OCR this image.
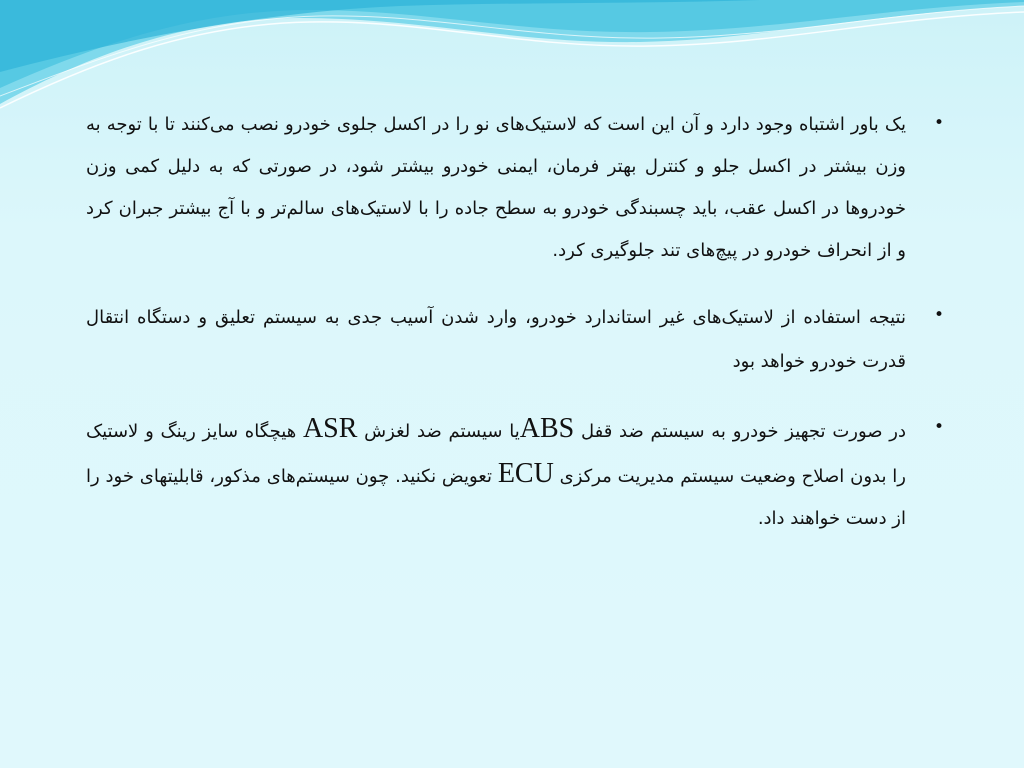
•
یک باور اشتباه وجود دارد و آن این است که لاستیک‌های نو را در اکسل جلوی خودرو نصب می‌کنند تا با توجه به وزن بیشتر در اکسل جلو و کنترل بهتر فرمان، ایمنی خودرو بیشتر شود، در صورتی که به دلیل کمی وزن خودروها در اکسل عقب، باید چسبندگی خودرو به سطح جاده را با لاستیک‌های سالم‌تر و با آج بیشتر جبران کرد و از انحراف خودرو در پیچ‌های تند جلوگیری کرد.
•
نتیجه استفاده از لاستیک‌های غیر استاندارد خودرو، وارد شدن آسیب جدی به سیستم تعلیق و دستگاه انتقال قدرت خودرو خواهد بود
•
در صورت تجهیز خودرو به سیستم ضد قفل ABSیا سیستم ضد لغزش ASR هیچگاه سایز رینگ و لاستیک را بدون اصلاح وضعیت سیستم مدیریت مرکزی ECU تعویض نکنید. چون سیستم‌های مذکور، قابلیتهای خود را از دست خواهند داد.
